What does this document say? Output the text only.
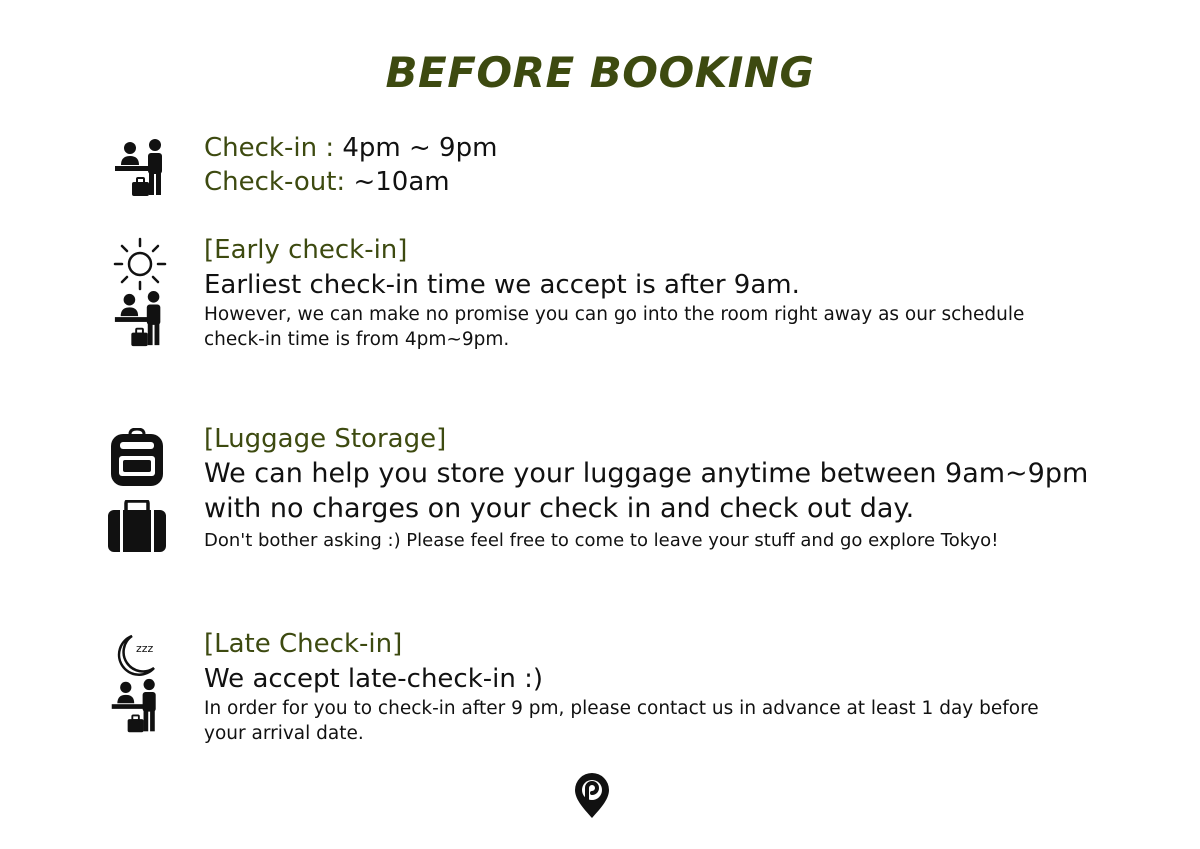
BEFORE BOOKING
Check-in : 4pm ~ 9pm
Check-out: ~10am
[Early check-in]
Earliest check-in time we accept is after 9am.
However, we can make no promise you can go into the room right away as our schedule check-in time is from 4pm~9pm.
[Luggage Storage]
We can help you store your luggage anytime between 9am~9pm
with no charges on your check in and check out day.
Don't bother asking :) Please feel free to come to leave your stuff and go explore Tokyo!
zzz [Late Check-in]
We accept late-check-in :)
In order for you to check-in after 9 pm, please contact us in advance at least 1 day before your arrival date.
